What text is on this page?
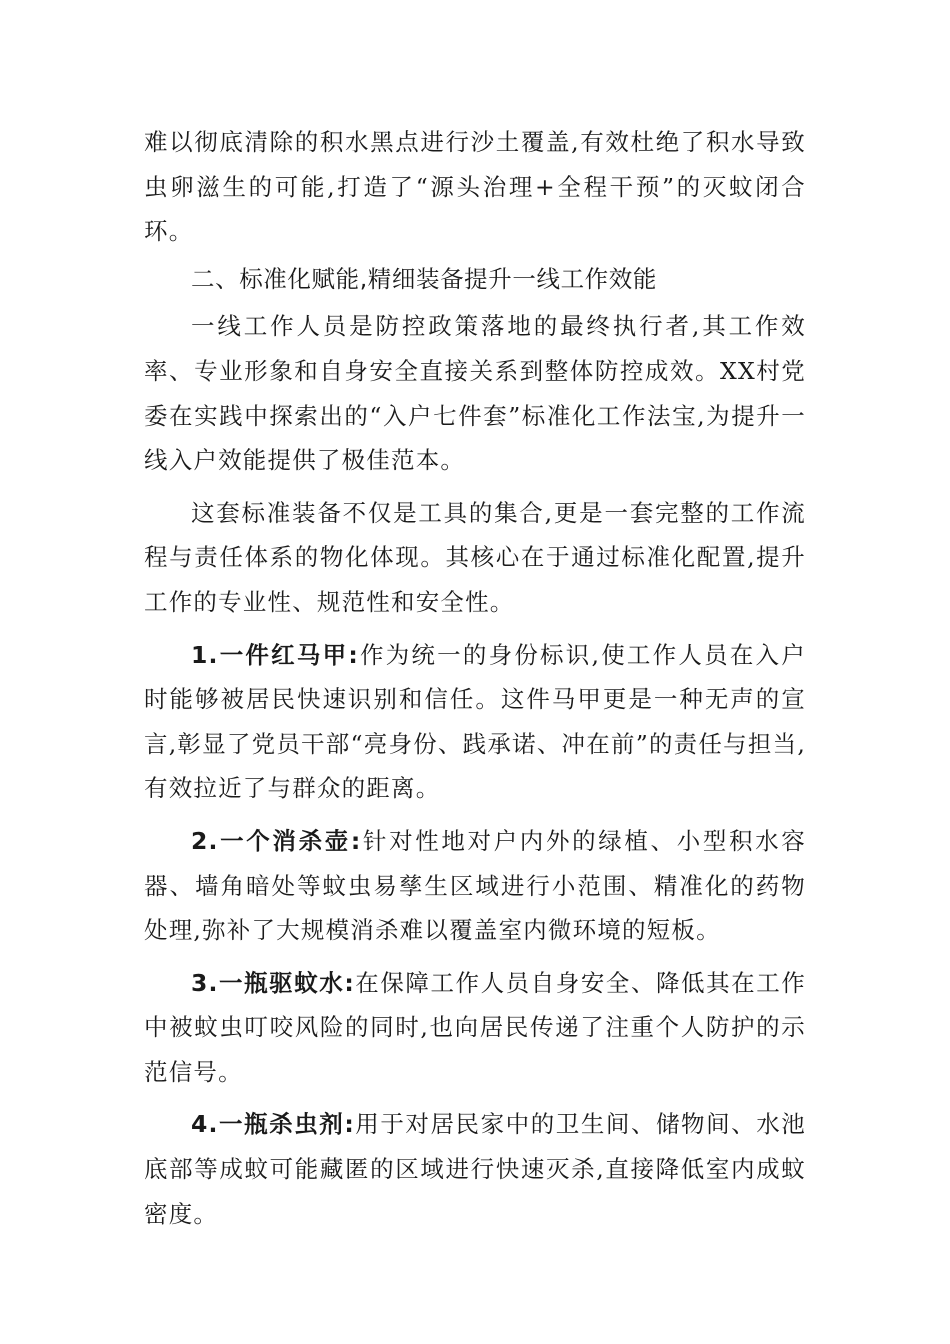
难以彻底清除的积水黑点进行沙土覆盖,有效杜绝了积水导致虫卵滋生的可能,打造了“源头治理+全程干预”的灭蚊闭合环。

二、标准化赋能,精细装备提升一线工作效能

一线工作人员是防控政策落地的最终执行者,其工作效率、专业形象和自身安全直接关系到整体防控成效。XX村党委在实践中探索出的“入户七件套”标准化工作法宝,为提升一线入户效能提供了极佳范本。

这套标准装备不仅是工具的集合,更是一套完整的工作流程与责任体系的物化体现。其核心在于通过标准化配置,提升工作的专业性、规范性和安全性。

1.一件红马甲:作为统一的身份标识,使工作人员在入户时能够被居民快速识别和信任。这件马甲更是一种无声的宣言,彰显了党员干部“亮身份、践承诺、冲在前”的责任与担当,有效拉近了与群众的距离。

2.一个消杀壶:针对性地对户内外的绿植、小型积水容器、墙角暗处等蚊虫易孳生区域进行小范围、精准化的药物处理,弥补了大规模消杀难以覆盖室内微环境的短板。

3.一瓶驱蚊水:在保障工作人员自身安全、降低其在工作中被蚊虫叮咬风险的同时,也向居民传递了注重个人防护的示范信号。

4.一瓶杀虫剂:用于对居民家中的卫生间、储物间、水池底部等成蚊可能藏匿的区域进行快速灭杀,直接降低室内成蚊密度。
